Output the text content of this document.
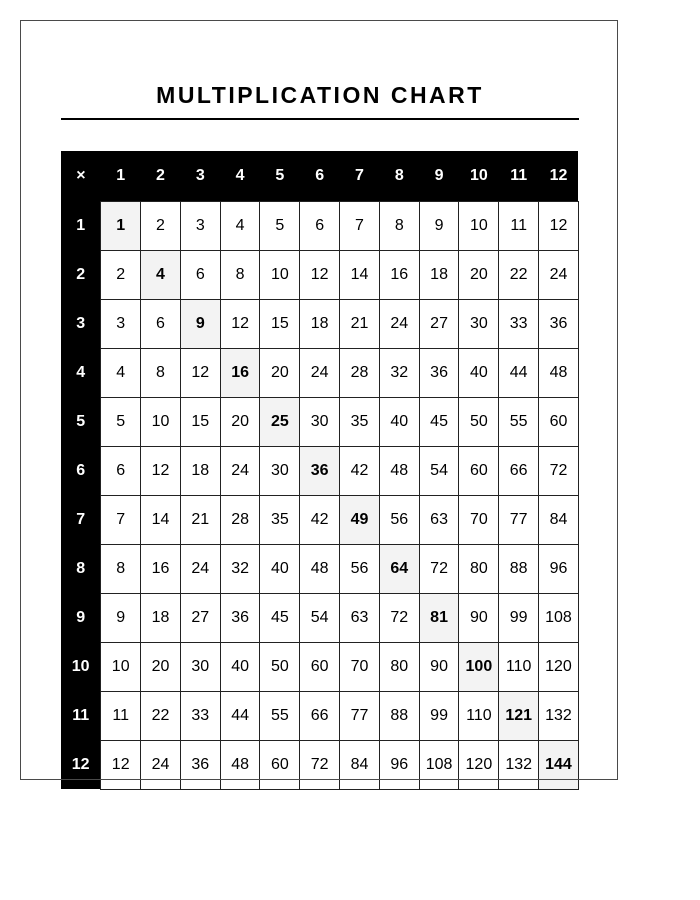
MULTIPLICATION CHART
×	1	2	3	4	5	6	7	8	9	10	11	12
1	1	2	3	4	5	6	7	8	9	10	11	12
2	2	4	6	8	10	12	14	16	18	20	22	24
3	3	6	9	12	15	18	21	24	27	30	33	36
4	4	8	12	16	20	24	28	32	36	40	44	48
5	5	10	15	20	25	30	35	40	45	50	55	60
6	6	12	18	24	30	36	42	48	54	60	66	72
7	7	14	21	28	35	42	49	56	63	70	77	84
8	8	16	24	32	40	48	56	64	72	80	88	96
9	9	18	27	36	45	54	63	72	81	90	99	108
10	10	20	30	40	50	60	70	80	90	100	110	120
11	11	22	33	44	55	66	77	88	99	110	121	132
12	12	24	36	48	60	72	84	96	108	120	132	144
